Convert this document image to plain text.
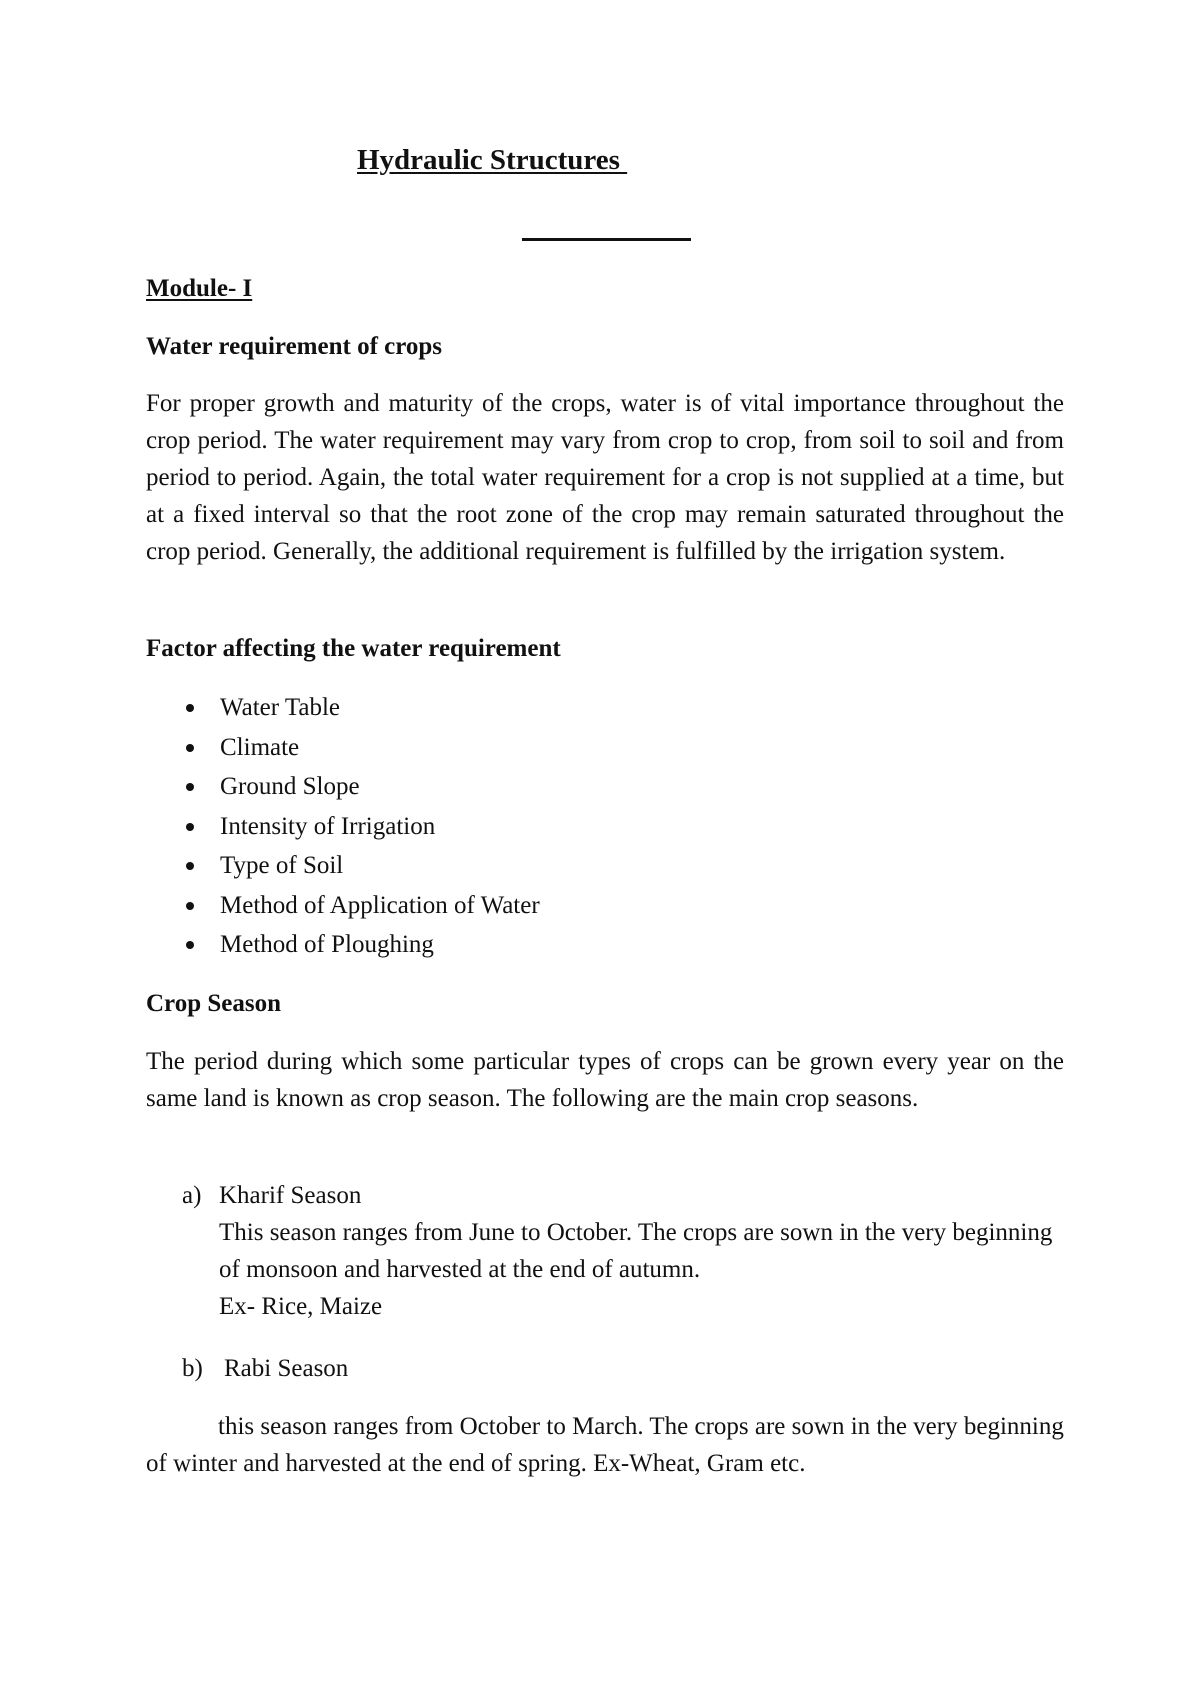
Hydraulic Structures

Module- I

Water requirement of crops

For proper growth and maturity of the crops, water is of vital importance throughout the crop period. The water requirement may vary from crop to crop, from soil to soil and from period to period. Again, the total water requirement for a crop is not supplied at a time, but at a fixed interval so that the root zone of the crop may remain saturated throughout the crop period. Generally, the additional requirement is fulfilled by the irrigation system.

Factor affecting the water requirement

Water Table
Climate
Ground Slope
Intensity of Irrigation
Type of Soil
Method of Application of Water
Method of Ploughing

Crop Season

The period during which some particular types of crops can be grown every year on the same land is known as crop season. The following are the main crop seasons.

a) Kharif Season
This season ranges from June to October. The crops are sown in the very beginning of monsoon and harvested at the end of autumn.
Ex- Rice, Maize
b) Rabi Season

this season ranges from October to March. The crops are sown in the very beginning of winter and harvested at the end of spring. Ex-Wheat, Gram etc.
